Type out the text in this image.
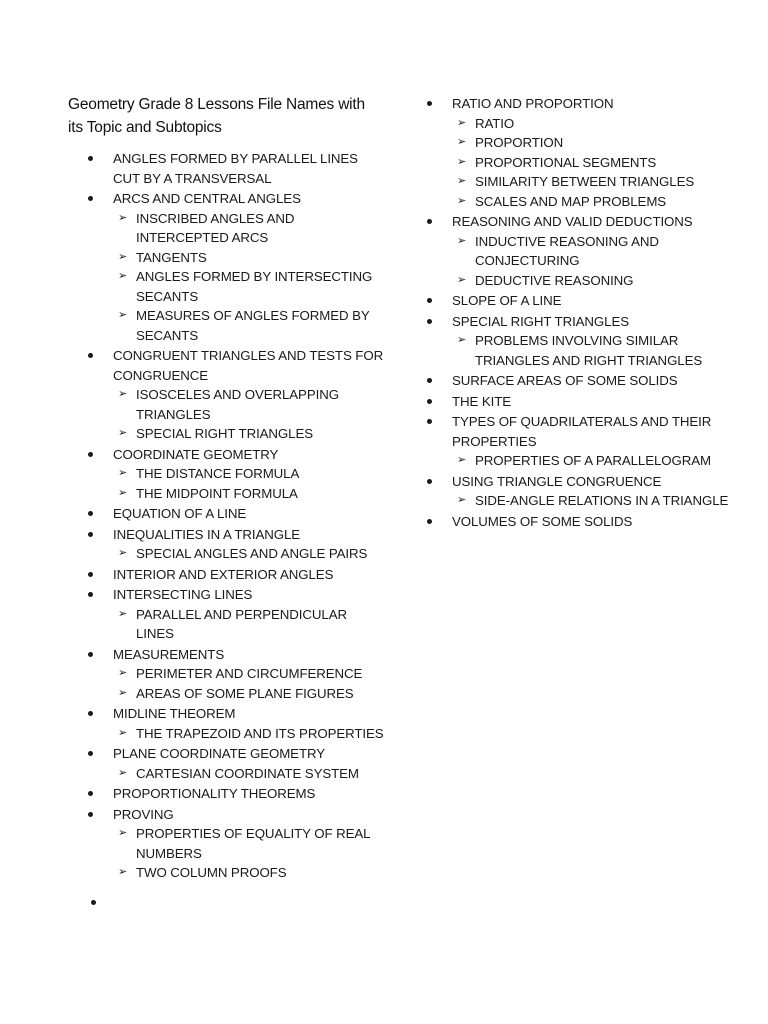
Geometry Grade 8 Lessons File Names with its Topic and Subtopics
ANGLES FORMED BY PARALLEL LINES CUT BY A TRANSVERSAL
ARCS AND CENTRAL ANGLES
➢ INSCRIBED ANGLES AND INTERCEPTED ARCS
➢ TANGENTS
➢ ANGLES FORMED BY INTERSECTING SECANTS
➢ MEASURES OF ANGLES FORMED BY SECANTS
CONGRUENT TRIANGLES AND TESTS FOR CONGRUENCE
➢ ISOSCELES AND OVERLAPPING TRIANGLES
➢ SPECIAL RIGHT TRIANGLES
COORDINATE GEOMETRY
➢ THE DISTANCE FORMULA
➢ THE MIDPOINT FORMULA
EQUATION OF A LINE
INEQUALITIES IN A TRIANGLE
➢ SPECIAL ANGLES AND ANGLE PAIRS
INTERIOR AND EXTERIOR ANGLES
INTERSECTING LINES
➢ PARALLEL AND PERPENDICULAR LINES
MEASUREMENTS
➢ PERIMETER AND CIRCUMFERENCE
➢ AREAS OF SOME PLANE FIGURES
MIDLINE THEOREM
➢ THE TRAPEZOID AND ITS PROPERTIES
PLANE COORDINATE GEOMETRY
➢ CARTESIAN COORDINATE SYSTEM
PROPORTIONALITY THEOREMS
PROVING
➢ PROPERTIES OF EQUALITY OF REAL NUMBERS
➢ TWO COLUMN PROOFS
RATIO AND PROPORTION
➢ RATIO
➢ PROPORTION
➢ PROPORTIONAL SEGMENTS
➢ SIMILARITY BETWEEN TRIANGLES
➢ SCALES AND MAP PROBLEMS
REASONING AND VALID DEDUCTIONS
➢ INDUCTIVE REASONING AND CONJECTURING
➢ DEDUCTIVE REASONING
SLOPE OF A LINE
SPECIAL RIGHT TRIANGLES
➢ PROBLEMS INVOLVING SIMILAR TRIANGLES AND RIGHT TRIANGLES
SURFACE AREAS OF SOME SOLIDS
THE KITE
TYPES OF QUADRILATERALS AND THEIR PROPERTIES
➢ PROPERTIES OF A PARALLELOGRAM
USING TRIANGLE CONGRUENCE
➢ SIDE-ANGLE RELATIONS IN A TRIANGLE
VOLUMES OF SOME SOLIDS
